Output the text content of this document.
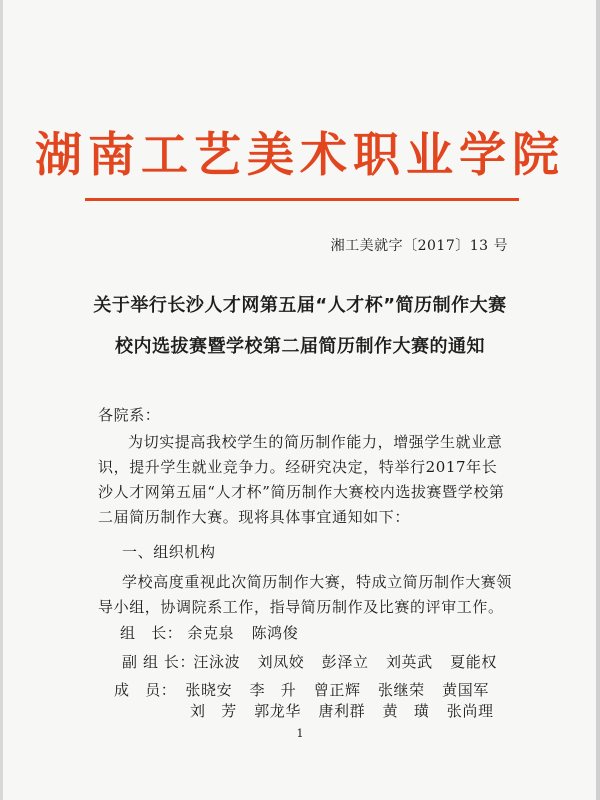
湖南工艺美术职业学院
湘工美就字〔2017〕13 号
关于举行长沙人才网第五届“人才杯”简历制作大赛
校内选拔赛暨学校第二届简历制作大赛的通知
各院系：
为切实提高我校学生的简历制作能力，增强学生就业意识，提升学生就业竞争力。经研究决定，特举行2017年长沙人才网第五届“人才杯”简历制作大赛校内选拔赛暨学校第二届简历制作大赛。现将具体事宜通知如下：
一、组织机构
学校高度重视此次简历制作大赛，特成立简历制作大赛领导小组，协调院系工作，指导简历制作及比赛的评审工作。
组　长： 余克泉 陈鸿俊
副 组 长： 汪泳波 刘凤姣 彭泽立 刘英武 夏能权
成　员： 张晓安 李　升 曾正辉 张继荣 黄国军
刘　芳 郭龙华 唐利群 黄　璜 张尚理
1
